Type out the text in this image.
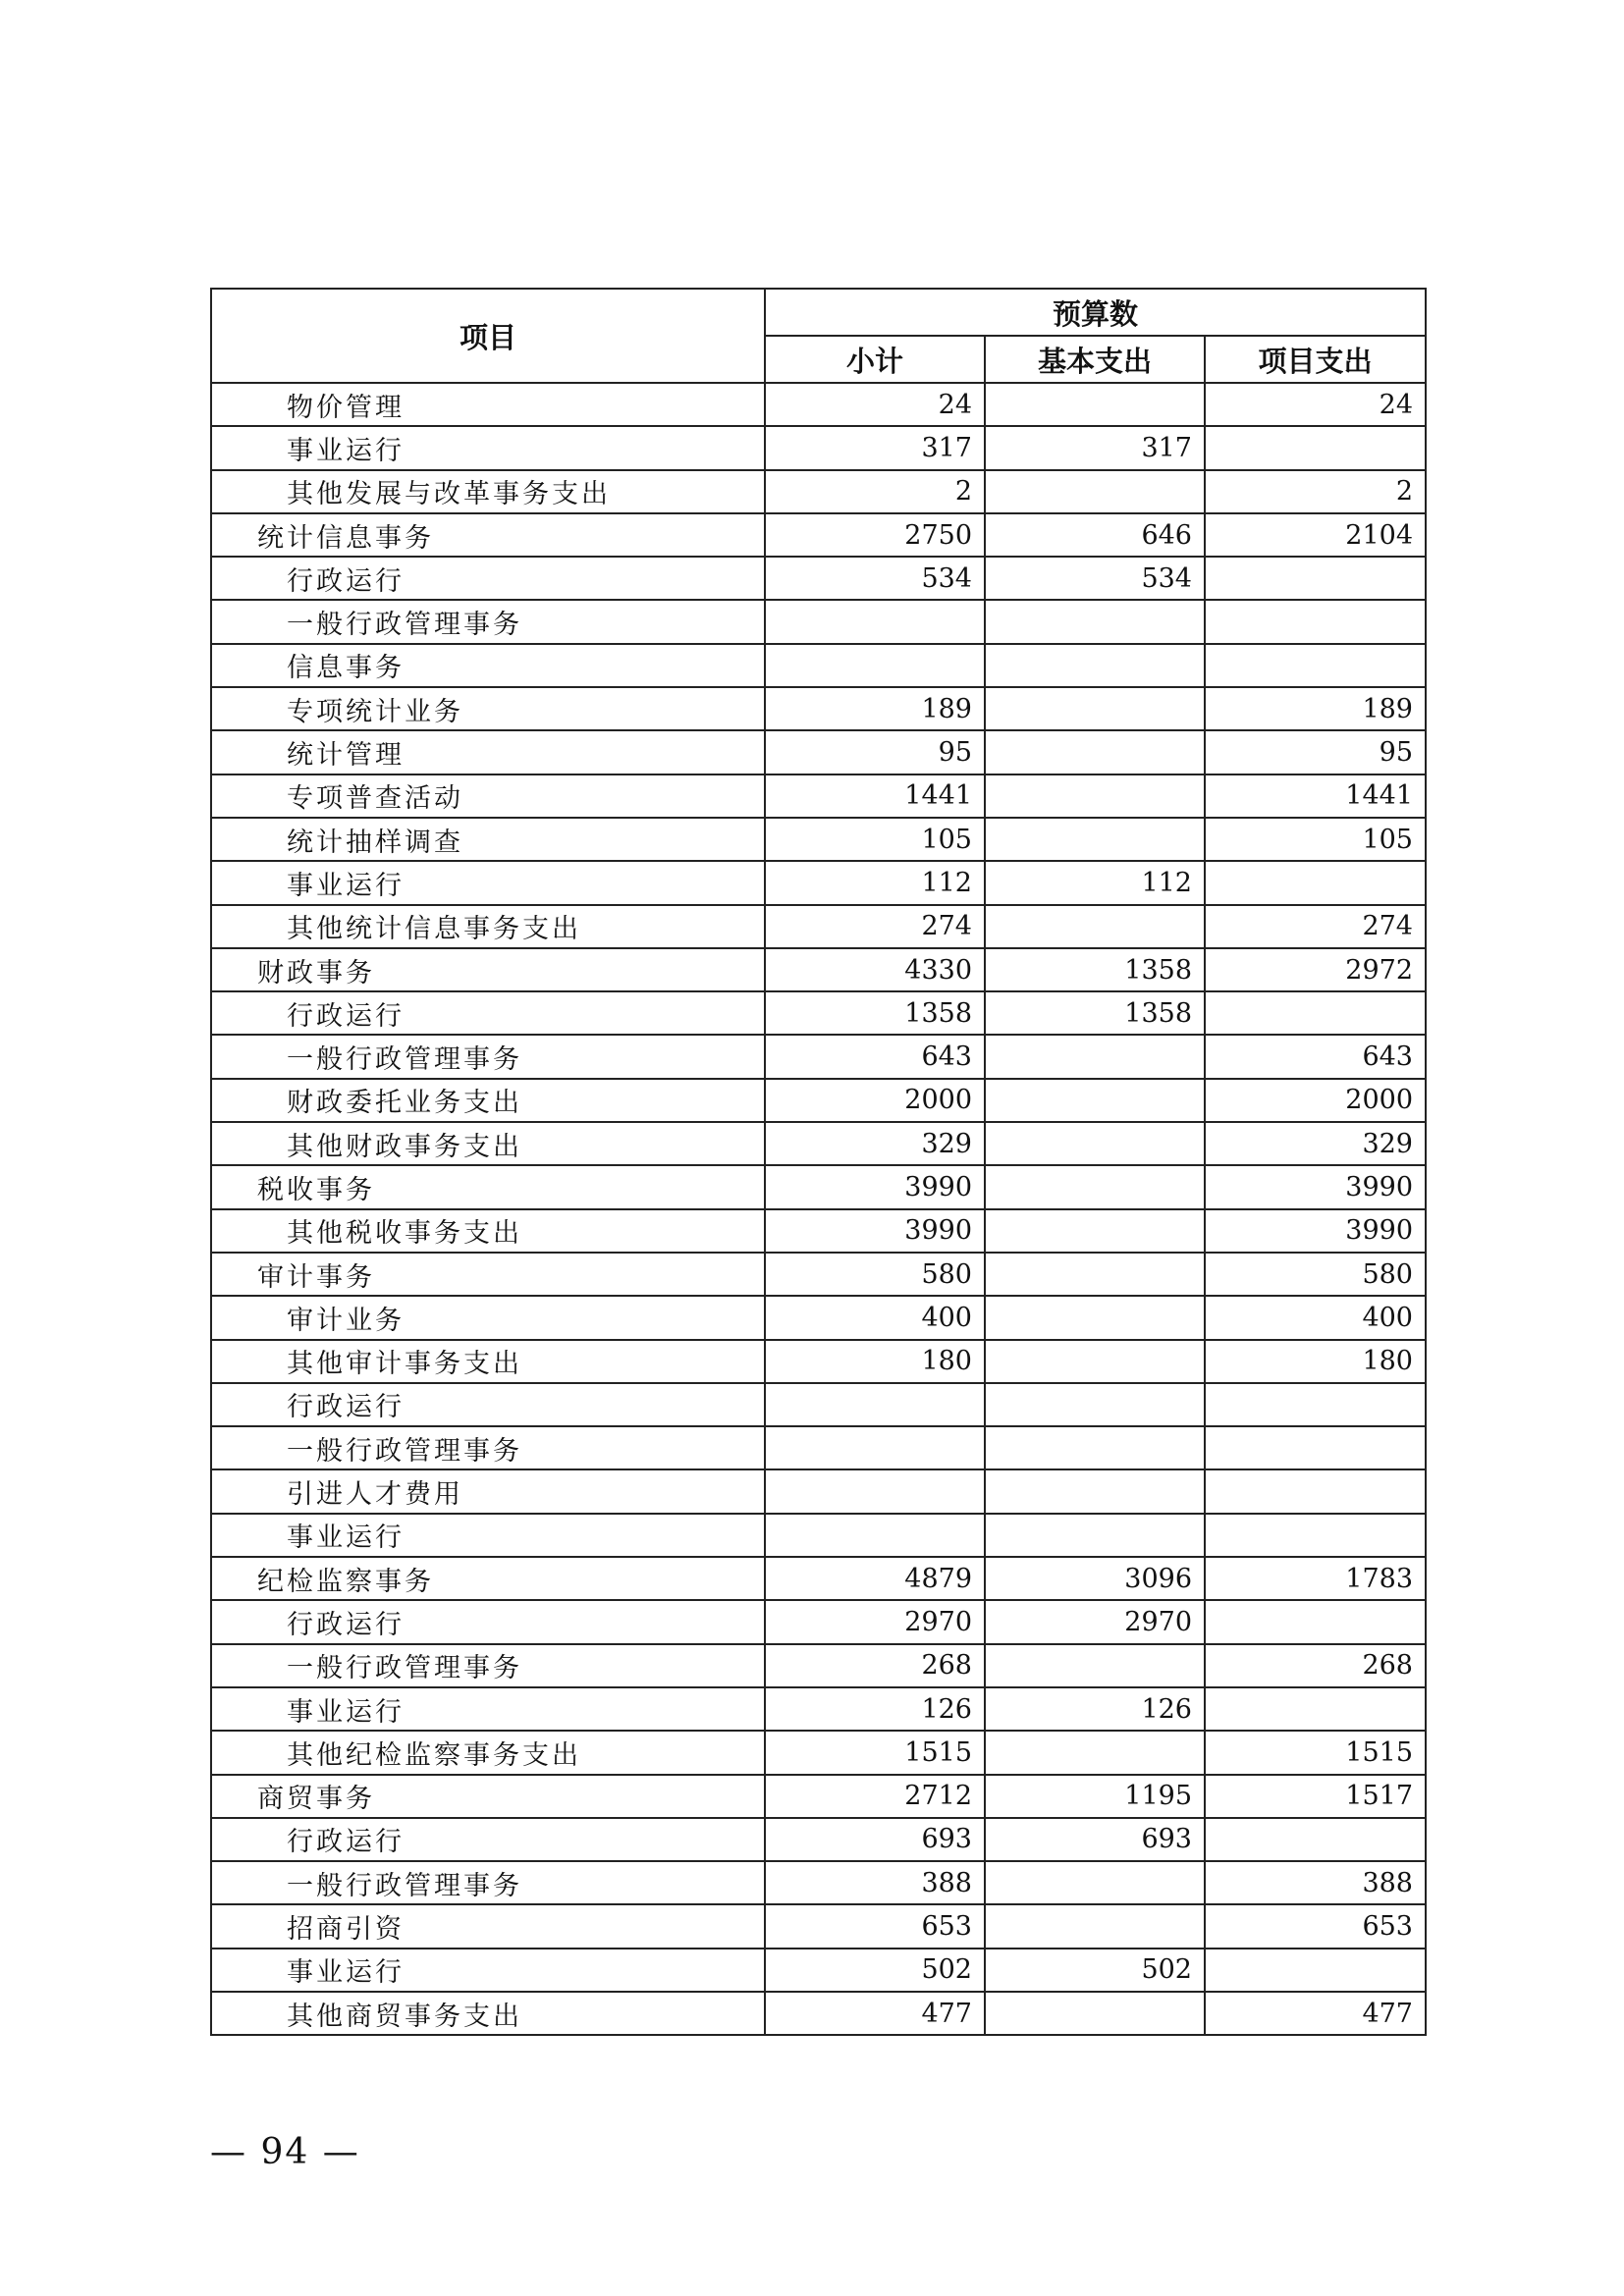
项目	预算数		
	小计	基本支出	项目支出
物价管理	24		24
事业运行	317	317	
其他发展与改革事务支出	2		2
统计信息事务	2750	646	2104
行政运行	534	534	
一般行政管理事务			
信息事务			
专项统计业务	189		189
统计管理	95		95
专项普查活动	1441		1441
统计抽样调查	105		105
事业运行	112	112	
其他统计信息事务支出	274		274
财政事务	4330	1358	2972
行政运行	1358	1358	
一般行政管理事务	643		643
财政委托业务支出	2000		2000
其他财政事务支出	329		329
税收事务	3990		3990
其他税收事务支出	3990		3990
审计事务	580		580
审计业务	400		400
其他审计事务支出	180		180
行政运行			
一般行政管理事务			
引进人才费用			
事业运行			
纪检监察事务	4879	3096	1783
行政运行	2970	2970	
一般行政管理事务	268		268
事业运行	126	126	
其他纪检监察事务支出	1515		1515
商贸事务	2712	1195	1517
行政运行	693	693	
一般行政管理事务	388		388
招商引资	653		653
事业运行	502	502	
其他商贸事务支出	477		477
— 94 —
